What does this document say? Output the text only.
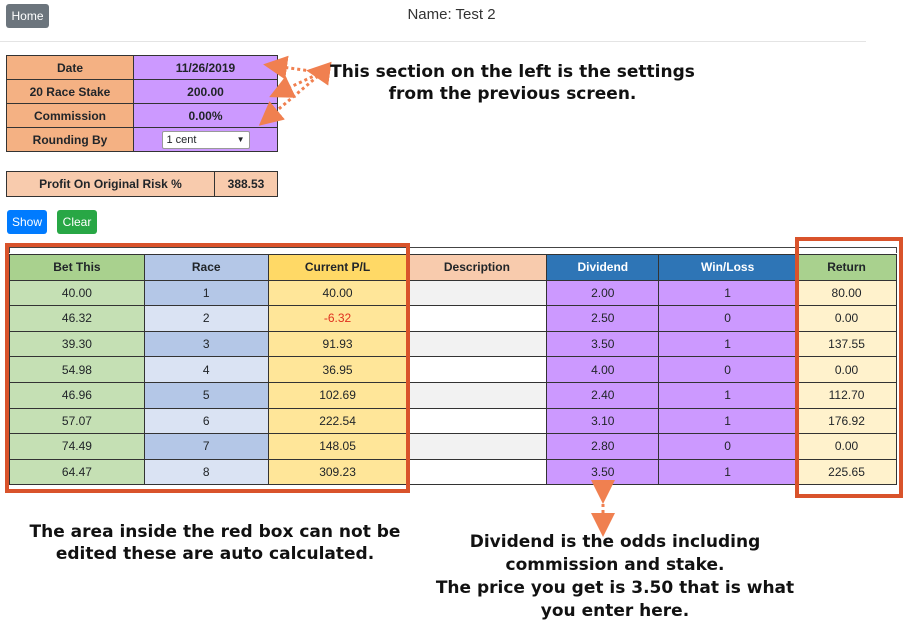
Home	Name: Test 2
Date	11/26/2019
20 Race Stake	200.00
Commission	0.00%
Rounding By	1 cent ▼
Profit On Original Risk %	388.53
Show	Clear
Bet This	Race	Current P/L	Description	Dividend	Win/Loss	Return
40.00	1	40.00		2.00	1	80.00
46.32	2	-6.32		2.50	0	0.00
39.30	3	91.93		3.50	1	137.55
54.98	4	36.95		4.00	0	0.00
46.96	5	102.69		2.40	1	112.70
57.07	6	222.54		3.10	1	176.92
74.49	7	148.05		2.80	0	0.00
64.47	8	309.23		3.50	1	225.65
This section on the left is the settings
from the previous screen.
The area inside the red box can not be
edited these are auto calculated.
Dividend is the odds including
commission and stake.
The price you get is 3.50 that is what
you enter here.
